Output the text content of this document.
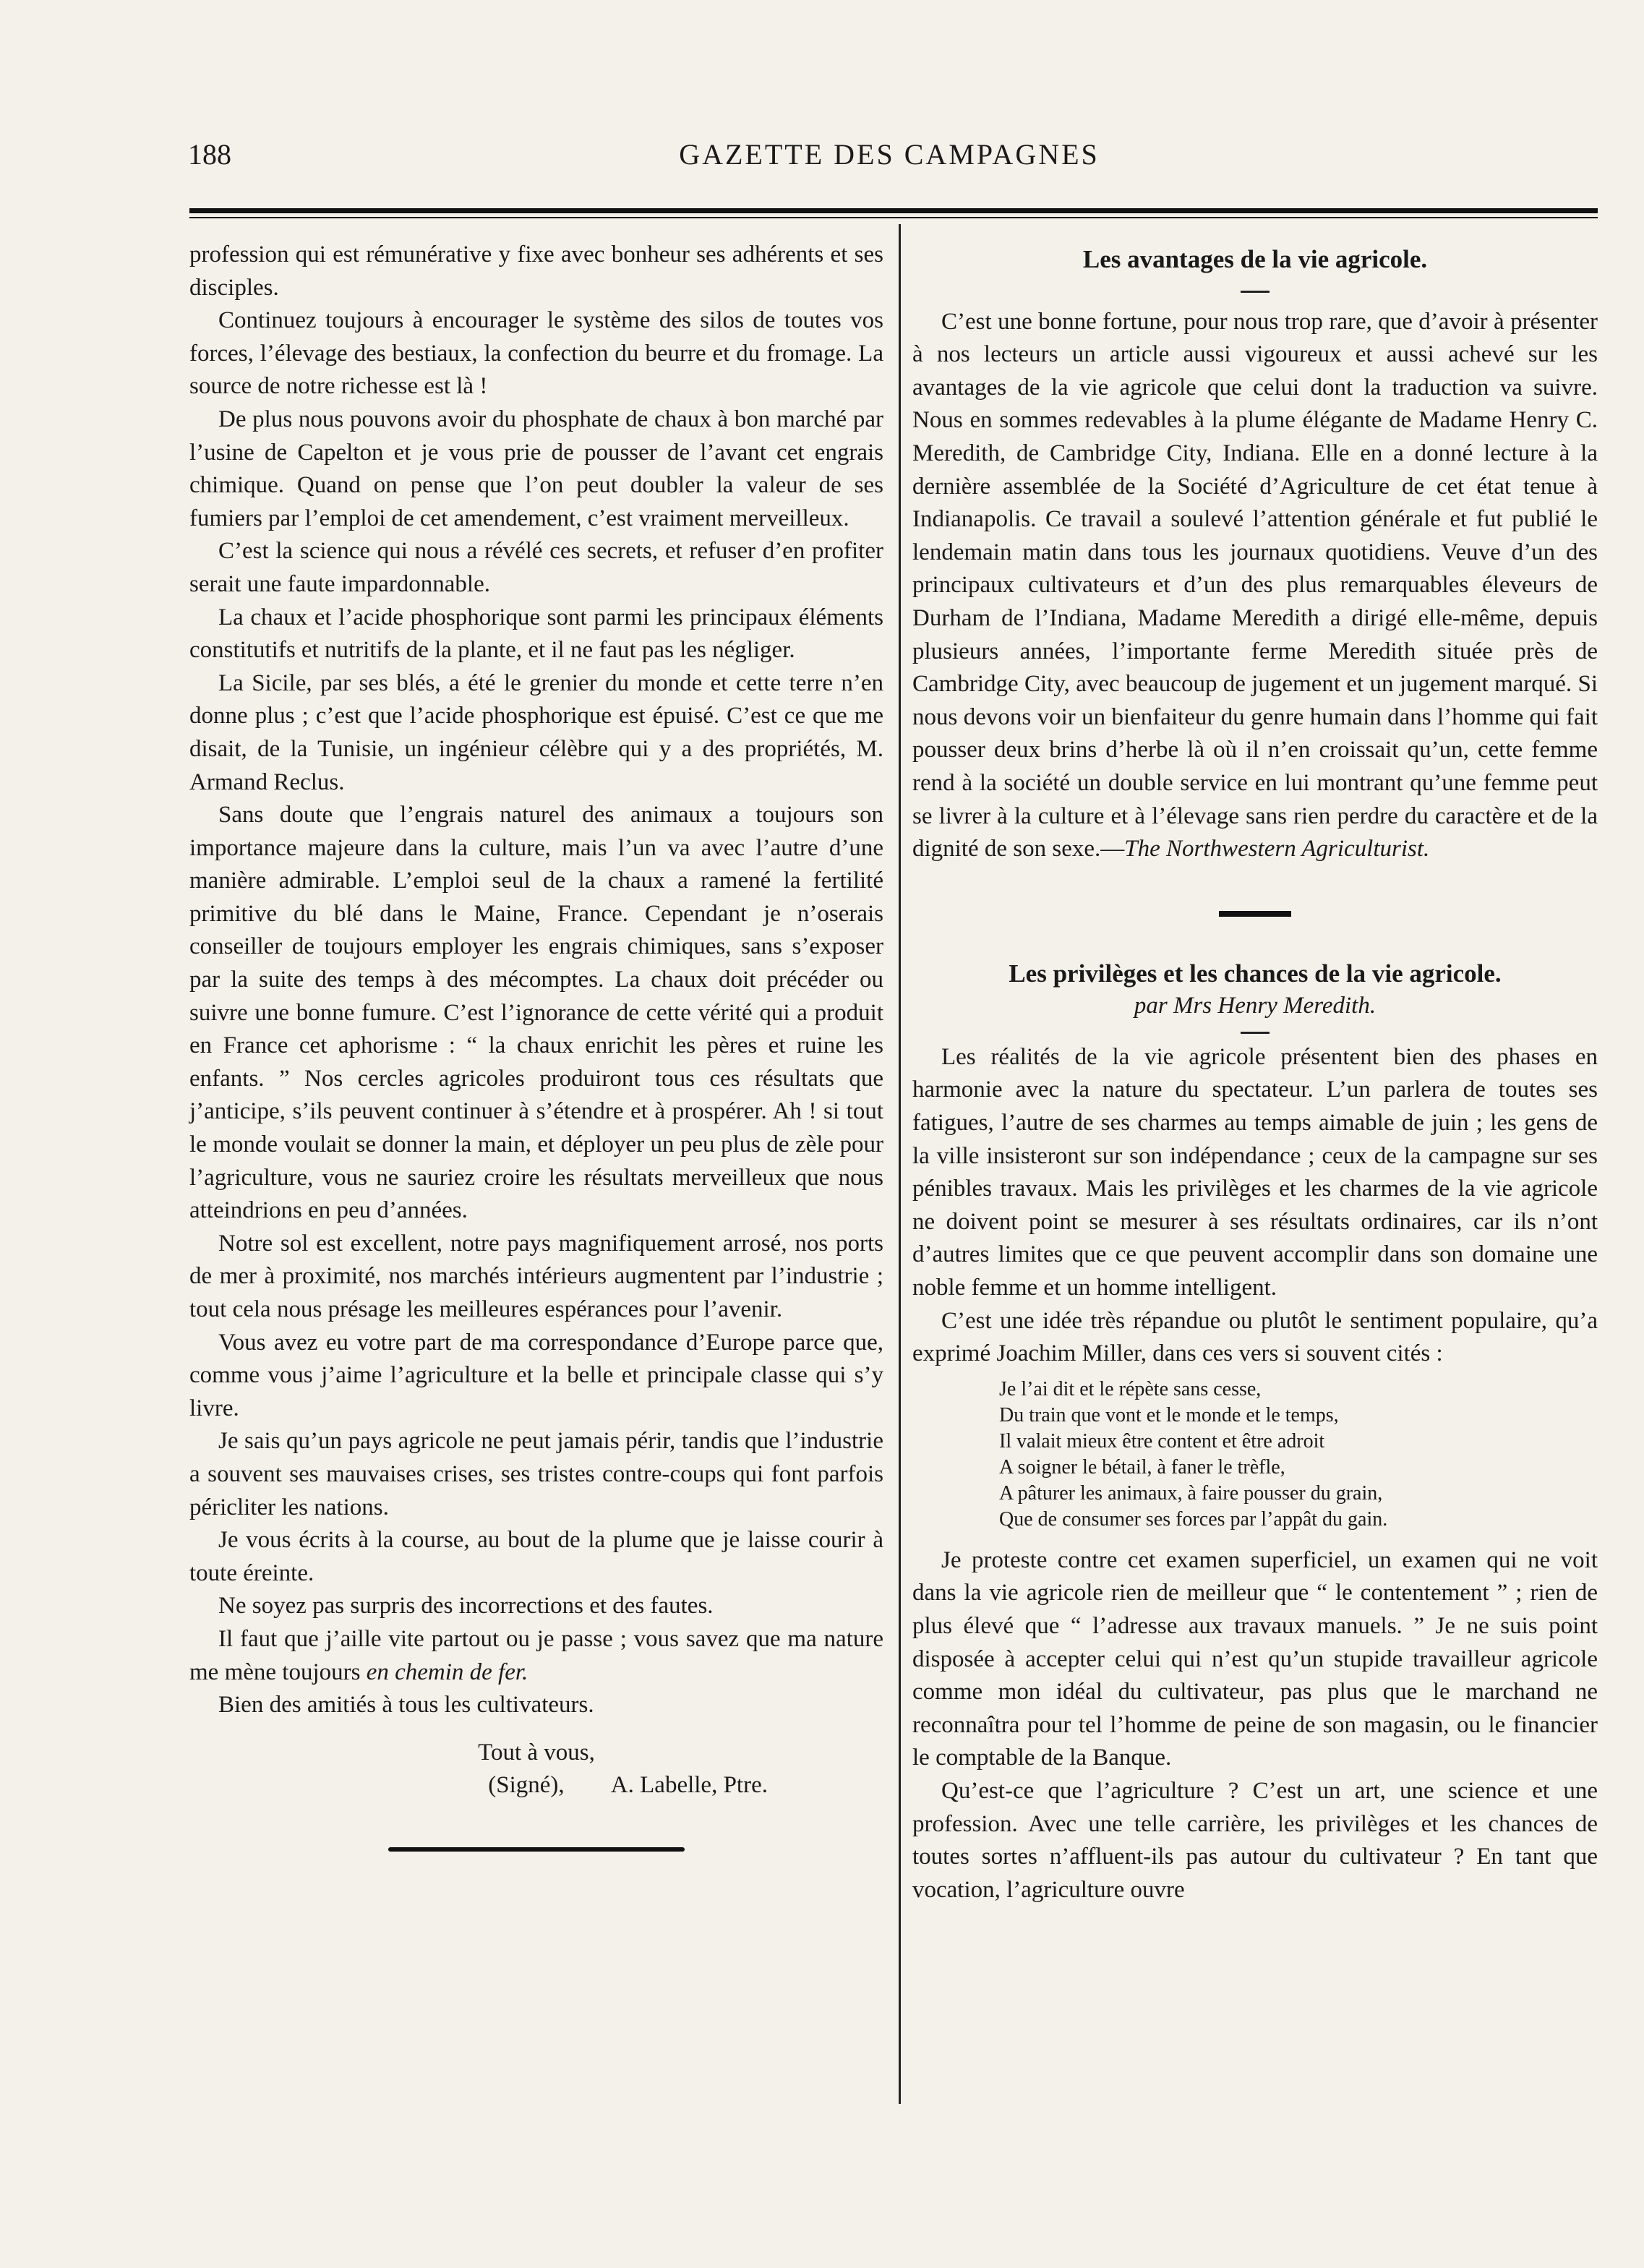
188	GAZETTE DES CAMPAGNES

profession qui est rémunérative y fixe avec bonheur ses adhérents et ses disciples.

Continuez toujours à encourager le système des silos de toutes vos forces, l’élevage des bestiaux, la confection du beurre et du fromage. La source de notre richesse est là !

De plus nous pouvons avoir du phosphate de chaux à bon marché par l’usine de Capelton et je vous prie de pousser de l’avant cet engrais chimique. Quand on pense que l’on peut doubler la valeur de ses fumiers par l’emploi de cet amendement, c’est vraiment merveilleux.

C’est la science qui nous a révélé ces secrets, et refuser d’en profiter serait une faute impardonnable.

La chaux et l’acide phosphorique sont parmi les principaux éléments constitutifs et nutritifs de la plante, et il ne faut pas les négliger.

La Sicile, par ses blés, a été le grenier du monde et cette terre n’en donne plus ; c’est que l’acide phosphorique est épuisé. C’est ce que me disait, de la Tunisie, un ingénieur célèbre qui y a des propriétés, M. Armand Reclus.

Sans doute que l’engrais naturel des animaux a toujours son importance majeure dans la culture, mais l’un va avec l’autre d’une manière admirable. L’emploi seul de la chaux a ramené la fertilité primitive du blé dans le Maine, France. Cependant je n’oserais conseiller de toujours employer les engrais chimiques, sans s’exposer par la suite des temps à des mécomptes. La chaux doit précéder ou suivre une bonne fumure. C’est l’ignorance de cette vérité qui a produit en France cet aphorisme : “ la chaux enrichit les pères et ruine les enfants. ” Nos cercles agricoles produiront tous ces résultats que j’anticipe, s’ils peuvent continuer à s’étendre et à prospérer. Ah ! si tout le monde voulait se donner la main, et déployer un peu plus de zèle pour l’agriculture, vous ne sauriez croire les résultats merveilleux que nous atteindrions en peu d’années.

Notre sol est excellent, notre pays magnifiquement arrosé, nos ports de mer à proximité, nos marchés intérieurs augmentent par l’industrie ; tout cela nous présage les meilleures espérances pour l’avenir.

Vous avez eu votre part de ma correspondance d’Europe parce que, comme vous j’aime l’agriculture et la belle et principale classe qui s’y livre.

Je sais qu’un pays agricole ne peut jamais périr, tandis que l’industrie a souvent ses mauvaises crises, ses tristes contre-coups qui font parfois péricliter les nations.

Je vous écrits à la course, au bout de la plume que je laisse courir à toute éreinte.

Ne soyez pas surpris des incorrections et des fautes.

Il faut que j’aille vite partout ou je passe ; vous savez que ma nature me mène toujours en chemin de fer.

Bien des amitiés à tous les cultivateurs.

Tout à vous,
(Signé),        A. Labelle, Ptre.
Les avantages de la vie agricole.

C’est une bonne fortune, pour nous trop rare, que d’avoir à présenter à nos lecteurs un article aussi vigoureux et aussi achevé sur les avantages de la vie agricole que celui dont la traduction va suivre. Nous en sommes redevables à la plume élégante de Madame Henry C. Meredith, de Cambridge City, Indiana. Elle en a donné lecture à la dernière assemblée de la Société d’Agriculture de cet état tenue à Indianapolis. Ce travail a soulevé l’attention générale et fut publié le lendemain matin dans tous les journaux quotidiens. Veuve d’un des principaux cultivateurs et d’un des plus remarquables éleveurs de Durham de l’Indiana, Madame Meredith a dirigé elle-même, depuis plusieurs années, l’importante ferme Meredith située près de Cambridge City, avec beaucoup de jugement et un jugement marqué. Si nous devons voir un bienfaiteur du genre humain dans l’homme qui fait pousser deux brins d’herbe là où il n’en croissait qu’un, cette femme rend à la société un double service en lui montrant qu’une femme peut se livrer à la culture et à l’élevage sans rien perdre du caractère et de la dignité de son sexe.—The Northwestern Agriculturist.

Les privilèges et les chances de la vie agricole.
par Mrs Henry Meredith.

Les réalités de la vie agricole présentent bien des phases en harmonie avec la nature du spectateur. L’un parlera de toutes ses fatigues, l’autre de ses charmes au temps aimable de juin ; les gens de la ville insisteront sur son indépendance ; ceux de la campagne sur ses pénibles travaux. Mais les privilèges et les charmes de la vie agricole ne doivent point se mesurer à ses résultats ordinaires, car ils n’ont d’autres limites que ce que peuvent accomplir dans son domaine une noble femme et un homme intelligent.

C’est une idée très répandue ou plutôt le sentiment populaire, qu’a exprimé Joachim Miller, dans ces vers si souvent cités :

Je l’ai dit et le répète sans cesse,
Du train que vont et le monde et le temps,
Il valait mieux être content et être adroit
A soigner le bétail, à faner le trèfle,
A pâturer les animaux, à faire pousser du grain,
Que de consumer ses forces par l’appât du gain.

Je proteste contre cet examen superficiel, un examen qui ne voit dans la vie agricole rien de meilleur que “ le contentement ” ; rien de plus élevé que “ l’adresse aux travaux manuels. ” Je ne suis point disposée à accepter celui qui n’est qu’un stupide travailleur agricole comme mon idéal du cultivateur, pas plus que le marchand ne reconnaîtra pour tel l’homme de peine de son magasin, ou le financier le comptable de la Banque.

Qu’est-ce que l’agriculture ? C’est un art, une science et une profession. Avec une telle carrière, les privilèges et les chances de toutes sortes n’affluent-ils pas autour du cultivateur ? En tant que vocation, l’agriculture ouvre
